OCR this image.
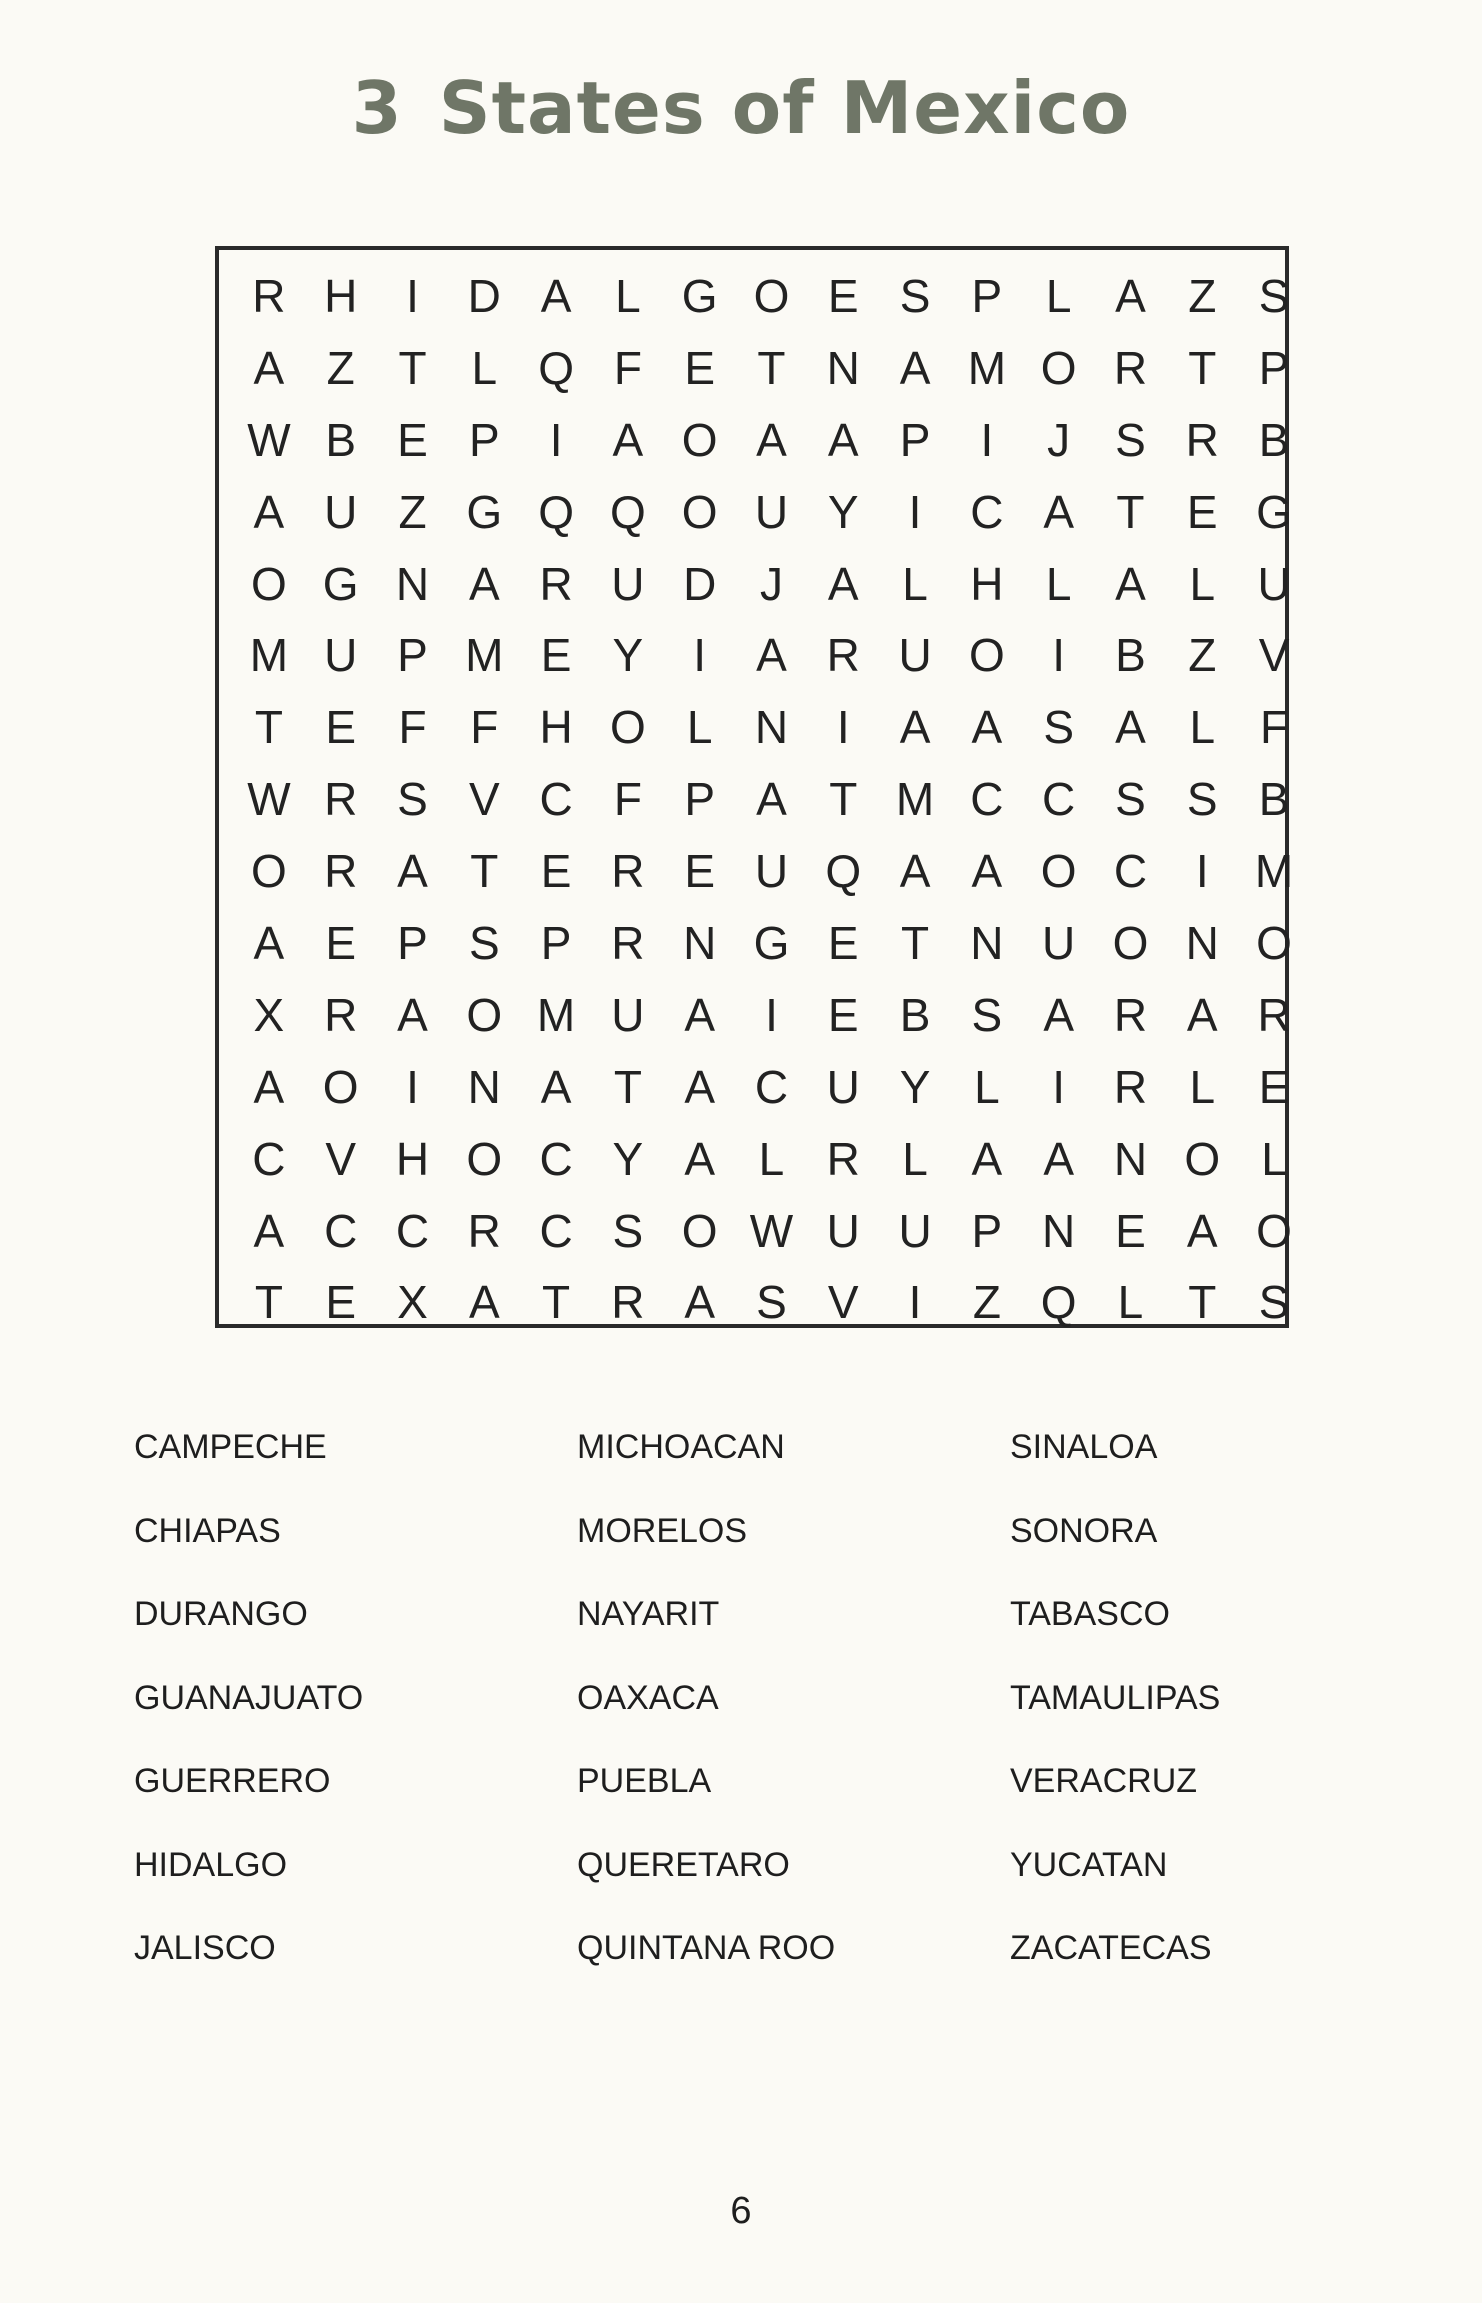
3 States of Mexico
R H	I	D A L G O E S P L A Z S
A Z T L Q F E T N A M O R T P
W B E P	I	A O A A P	I	J S R B
A U Z G Q Q O U Y	I	C A T E G
O G N A R U D J A L H L A L U
M U P M E Y	I	A R U O	I	B Z V
T E F F H O L N	I	A A S A L F
W R S V C F P A T M C C S S B
O R A T E R E U Q A A O C	I	M
A E P S P R N G E T N U O N O
X R A O M U A	I	E B S A R A R
A O	I	N A T A C U Y L	I	R L E
C V H O C Y A L R L A A N O L
A C C R C S O W U U P N E A O
T E X A T R A S V	I	Z Q L T S
CAMPECHE
CHIAPAS
DURANGO
GUANAJUATO
GUERRERO
HIDALGO
JALISCO
MICHOACAN
MORELOS
NAYARIT
OAXACA
PUEBLA
QUERETARO
QUINTANA ROO
SINALOA
SONORA
TABASCO
TAMAULIPAS
VERACRUZ
YUCATAN
ZACATECAS
6
